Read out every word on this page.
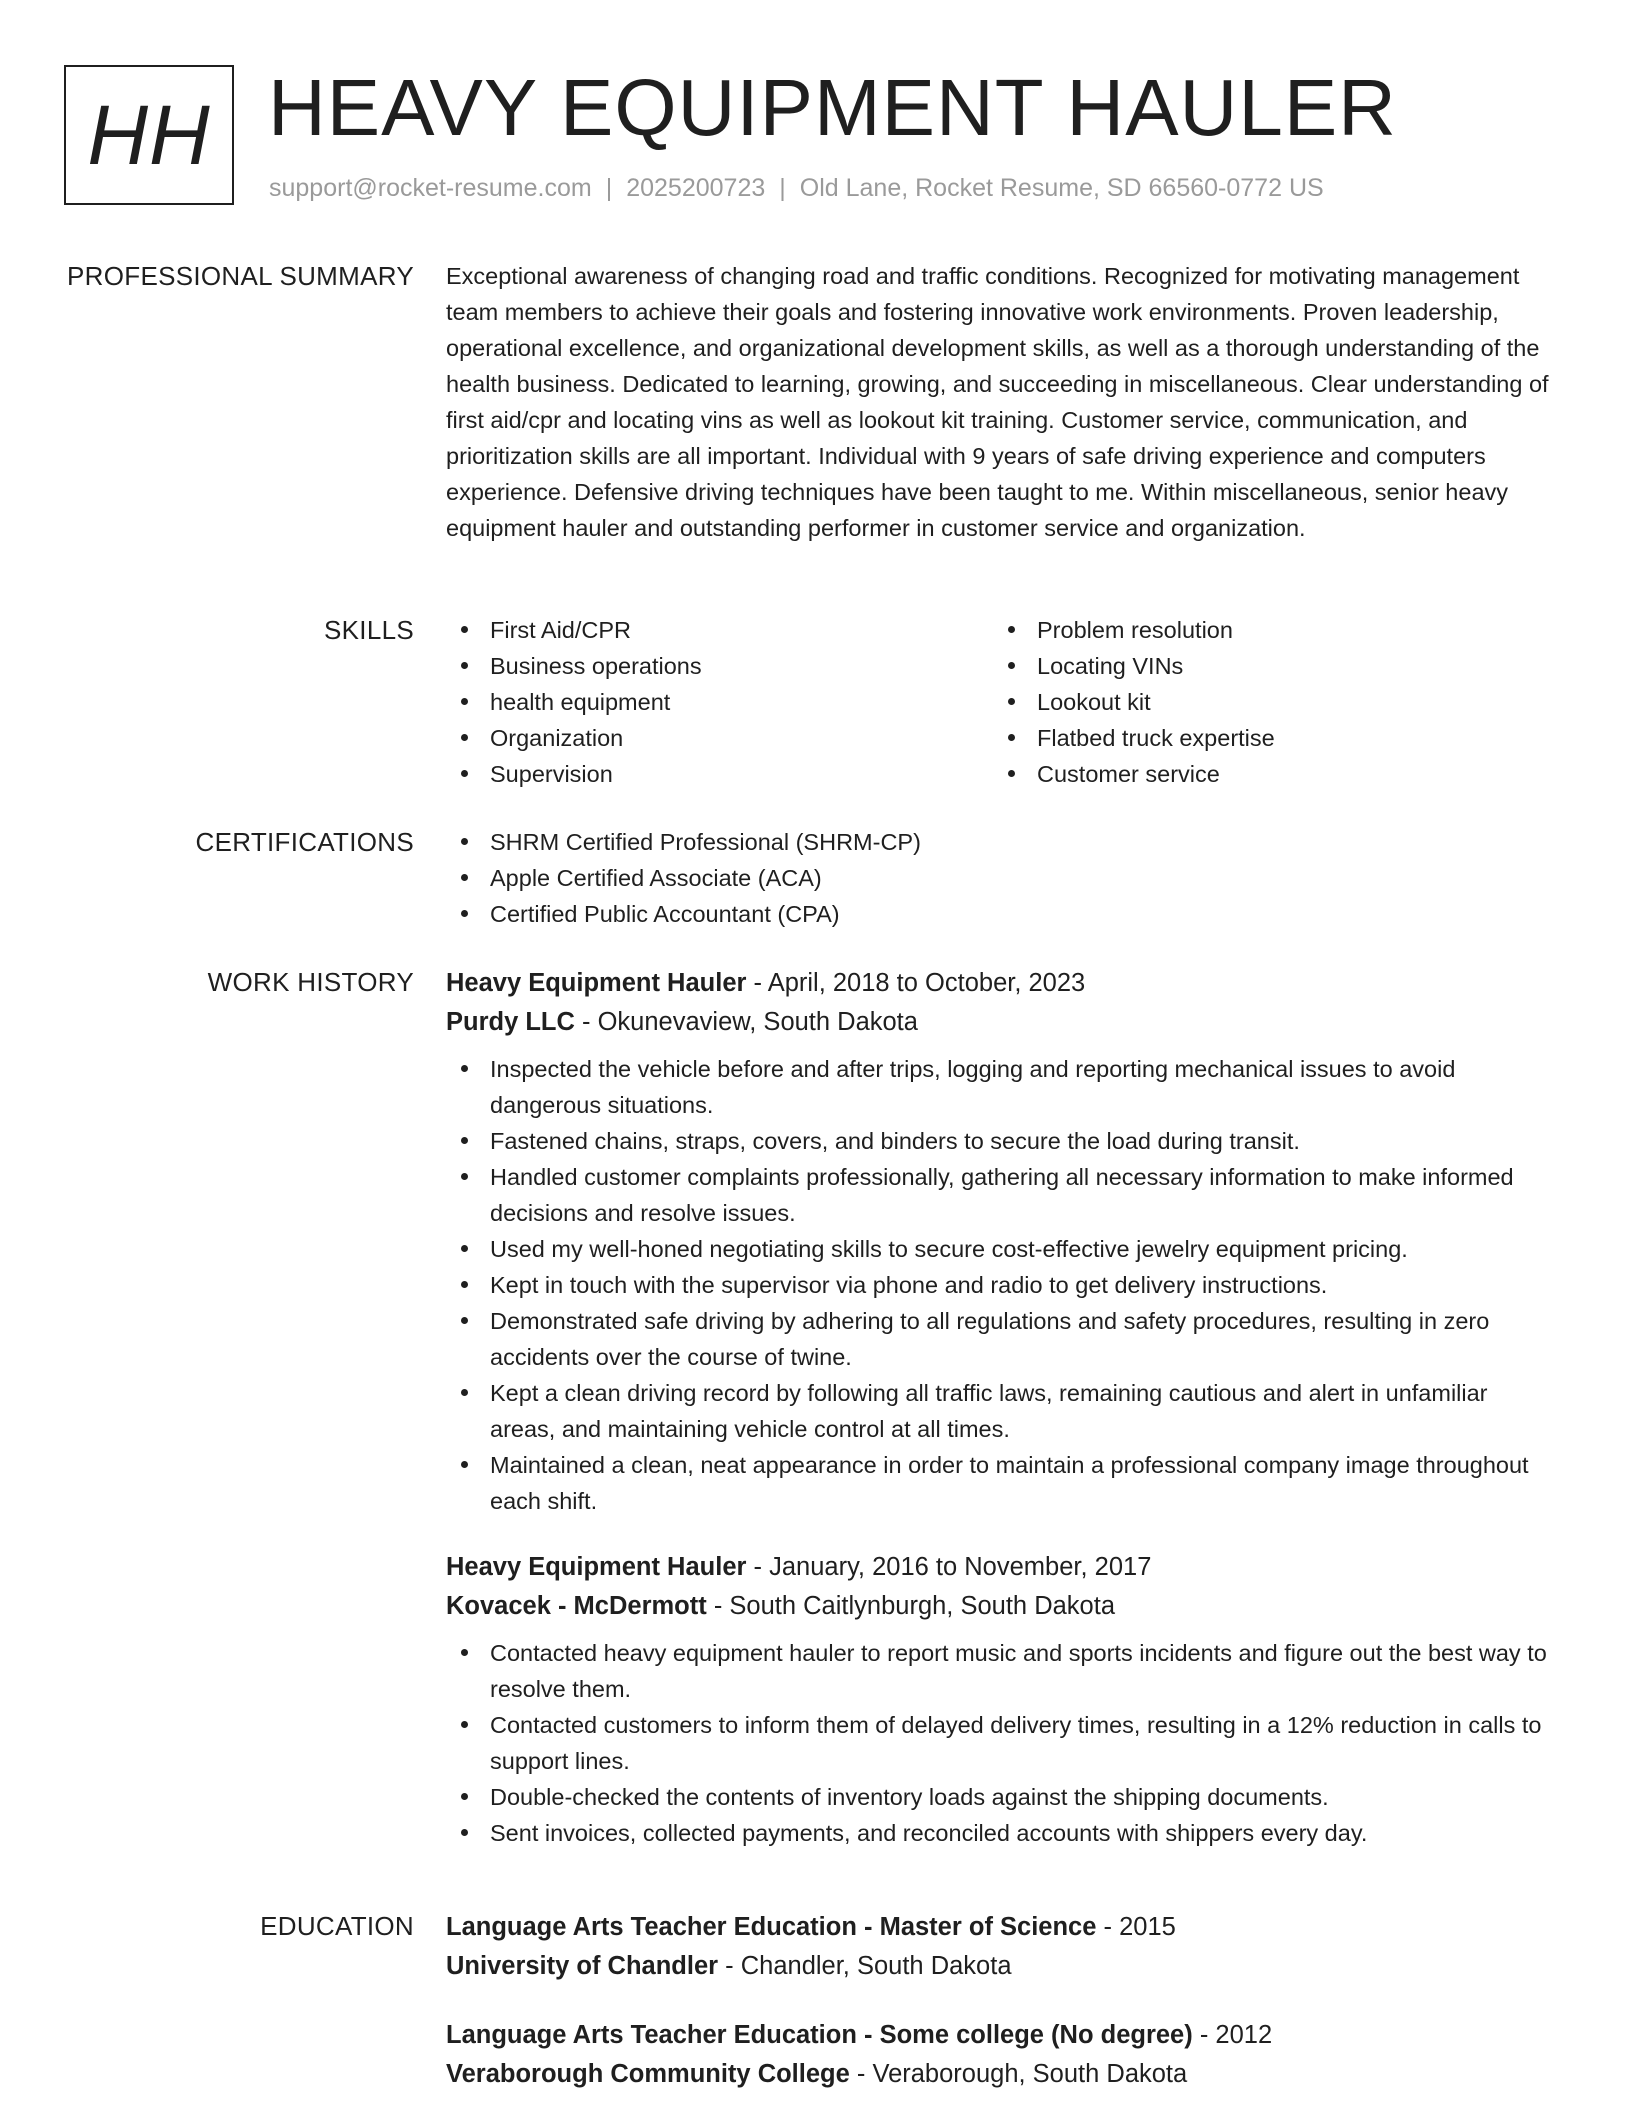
HH HEAVY EQUIPMENT HAULER
support@rocket-resume.com | 2025200723 | Old Lane, Rocket Resume, SD 66560-0772 US
PROFESSIONAL SUMMARY Exceptional awareness of changing road and traffic conditions. Recognized for motivating management team members to achieve their goals and fostering innovative work environments. Proven leadership, operational excellence, and organizational development skills, as well as a thorough understanding of the health business. Dedicated to learning, growing, and succeeding in miscellaneous. Clear understanding of first aid/cpr and locating vins as well as lookout kit training. Customer service, communication, and prioritization skills are all important. Individual with 9 years of safe driving experience and computers experience. Defensive driving techniques have been taught to me. Within miscellaneous, senior heavy equipment hauler and outstanding performer in customer service and organization.
SKILLS	First Aid/CPR
Business operations
health equipment
Organization
Supervision
Problem resolution
Locating VINs
Lookout kit
Flatbed truck expertise
Customer service
CERTIFICATIONS	SHRM Certified Professional (SHRM-CP)
Apple Certified Associate (ACA)
Certified Public Accountant (CPA)
WORK HISTORY Heavy Equipment Hauler - April, 2018 to October, 2023
Purdy LLC - Okunevaview, South Dakota
Inspected the vehicle before and after trips, logging and reporting mechanical issues to avoid dangerous situations.
Fastened chains, straps, covers, and binders to secure the load during transit.
Handled customer complaints professionally, gathering all necessary information to make informed decisions and resolve issues.
Used my well-honed negotiating skills to secure cost-effective jewelry equipment pricing.
Kept in touch with the supervisor via phone and radio to get delivery instructions.
Demonstrated safe driving by adhering to all regulations and safety procedures, resulting in zero accidents over the course of twine.
Kept a clean driving record by following all traffic laws, remaining cautious and alert in unfamiliar areas, and maintaining vehicle control at all times.
Maintained a clean, neat appearance in order to maintain a professional company image throughout each shift.
Heavy Equipment Hauler - January, 2016 to November, 2017
Kovacek - McDermott - South Caitlynburgh, South Dakota
Contacted heavy equipment hauler to report music and sports incidents and figure out the best way to resolve them.
Contacted customers to inform them of delayed delivery times, resulting in a 12% reduction in calls to support lines.
Double-checked the contents of inventory loads against the shipping documents.
Sent invoices, collected payments, and reconciled accounts with shippers every day.
EDUCATION Language Arts Teacher Education - Master of Science - 2015
University of Chandler - Chandler, South Dakota
Language Arts Teacher Education - Some college (No degree) - 2012
Veraborough Community College - Veraborough, South Dakota
